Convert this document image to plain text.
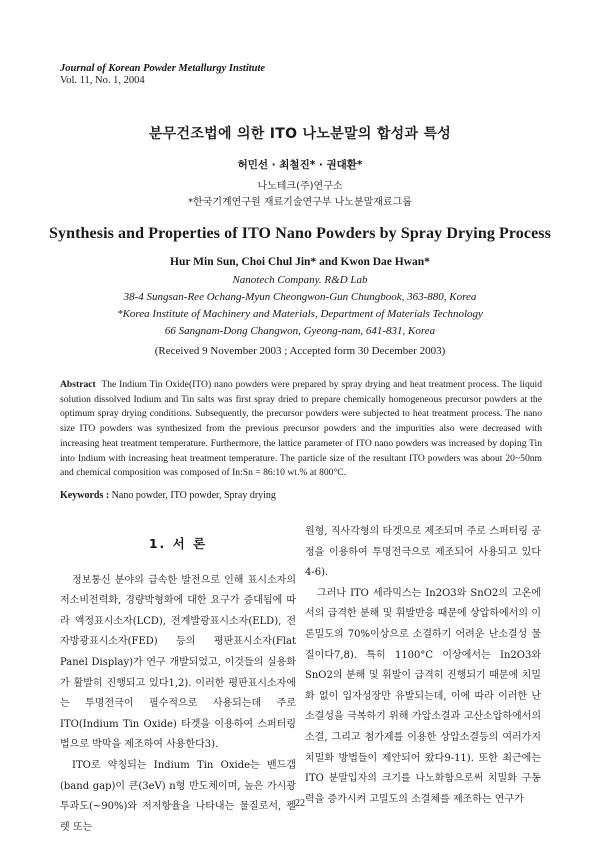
Journal of Korean Powder Metallurgy Institute
Vol. 11, No. 1, 2004
분무건조법에 의한 ITO 나노분말의 합성과 특성
허민선 · 최철진* · 권대환*
나노테크(주)연구소
*한국기계연구원 재료기술연구부 나노분말재료그룹
Synthesis and Properties of ITO Nano Powders by Spray Drying Process
Hur Min Sun, Choi Chul Jin* and Kwon Dae Hwan*
Nanotech Company. R&D Lab
38-4 Sungsan-Ree Ochang-Myun Cheongwon-Gun Chungbook, 363-880, Korea
*Korea Institute of Machinery and Materials, Department of Materials Technology
66 Sangnam-Dong Changwon, Gyeong-nam, 641-831, Korea
(Received 9 November 2003 ; Accepted form 30 December 2003)
Abstract The Indium Tin Oxide(ITO) nano powders were prepared by spray drying and heat treatment process. The liquid solution dissolved Indium and Tin salts was first spray dried to prepare chemically homogeneous precursor powders at the optimum spray drying conditions. Subsequently, the precursor powders were subjected to heat treatment process. The nano size ITO powders was synthesized from the previous precursor powders and the impurities also were decreased with increasing heat treatment temperature. Furthermore, the lattice parameter of ITO nano powders was increased by doping Tin into Indium with increasing heat treatment temperature. The particle size of the resultant ITO powders was about 20~50nm and chemical composition was composed of In:Sn = 86:10 wt.% at 800°C.
Keywords : Nano powder, ITO powder, Spray drying
1. 서 론

정보통신 분야의 급속한 발전으로 인해 표시소자의 저소비전력화, 경량박형화에 대한 요구가 증대됨에 따라 액정표시소자(LCD), 전계발광표시소자(ELD), 전자방광표시소자(FED) 등의 평판표시소자(Flat Panel Display)가 연구 개발되었고, 이것들의 실용화가 활발히 진행되고 있다1,2). 이러한 평판표시소자에는 투명전극이 필수적으로 사용되는데 주로 ITO(Indium Tin Oxide) 타겟을 이용하여 스퍼터링법으로 박막을 제조하여 사용한다3).

ITO로 약칭되는 Indium Tin Oxide는 밴드갭(band gap)이 큰(3eV) n형 반도체이며, 높은 가시광 투과도(~90%)와 저저항율을 나타내는 물질로서, 펠렛 또는

원형, 직사각형의 타겟으로 제조되며 주로 스퍼터링 공정을 이용하여 투명전극으로 제조되어 사용되고 있다4-6).

그러나 ITO 세라믹스는 In2O3와 SnO2의 고온에서의 급격한 분해 및 휘발반응 때문에 상압하에서의 이론밀도의 70%이상으로 소결하기 어려운 난소결성 물질이다7,8). 특히 1100°C 이상에서는 In2O3와 SnO2의 분해 및 휘발이 급격히 진행되기 때문에 치밀화 없이 입자성장만 유발되는데, 이에 따라 이러한 난소결성을 극복하기 위해 가압소결과 고산소압하에서의 소결, 그리고 첨가제를 이용한 상압소결등의 여러가지 치밀화 방법들이 제안되어 왔다9-11). 또한 최근에는 ITO 분말입자의 크기를 나노화함으로써 치밀화 구동력을 증가시켜 고밀도의 소결체를 제조하는 연구가

22
